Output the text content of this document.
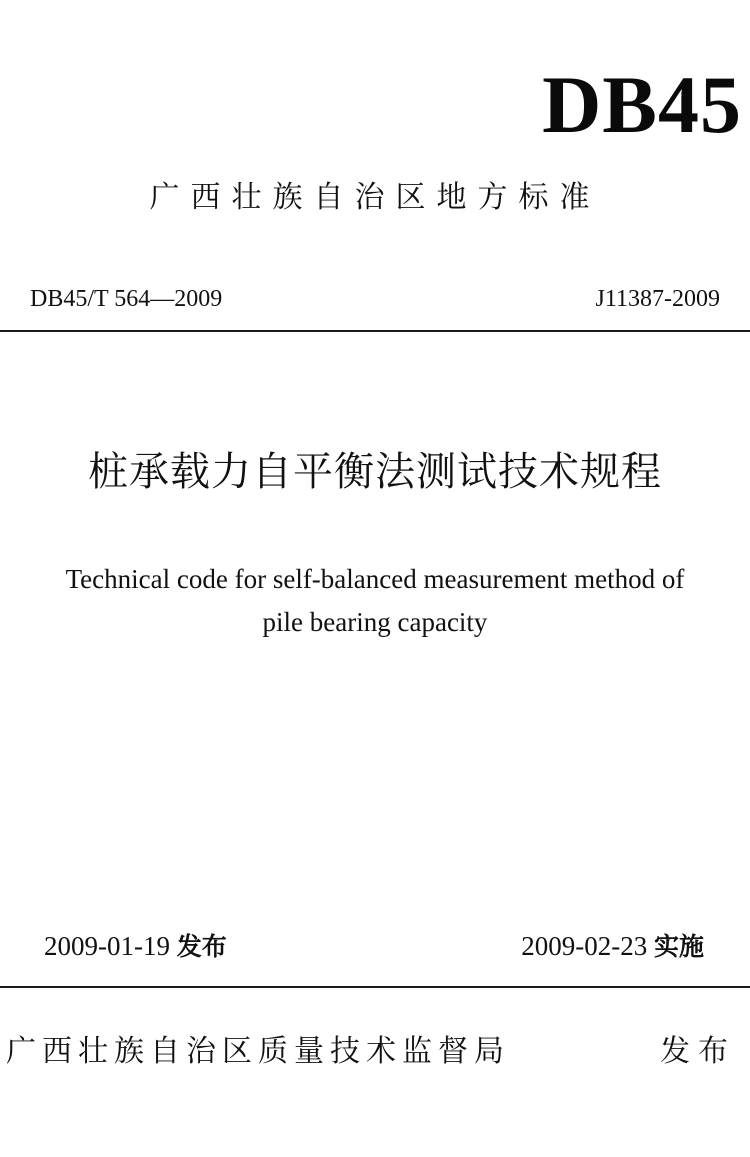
DB45
广西壮族自治区地方标准
DB45/T 564—2009	J11387-2009
桩承载力自平衡法测试技术规程
Technical code for self-balanced measurement method of
pile bearing capacity
2009-01-19 发布	2009-02-23 实施
广西壮族自治区质量技术监督局	发布
